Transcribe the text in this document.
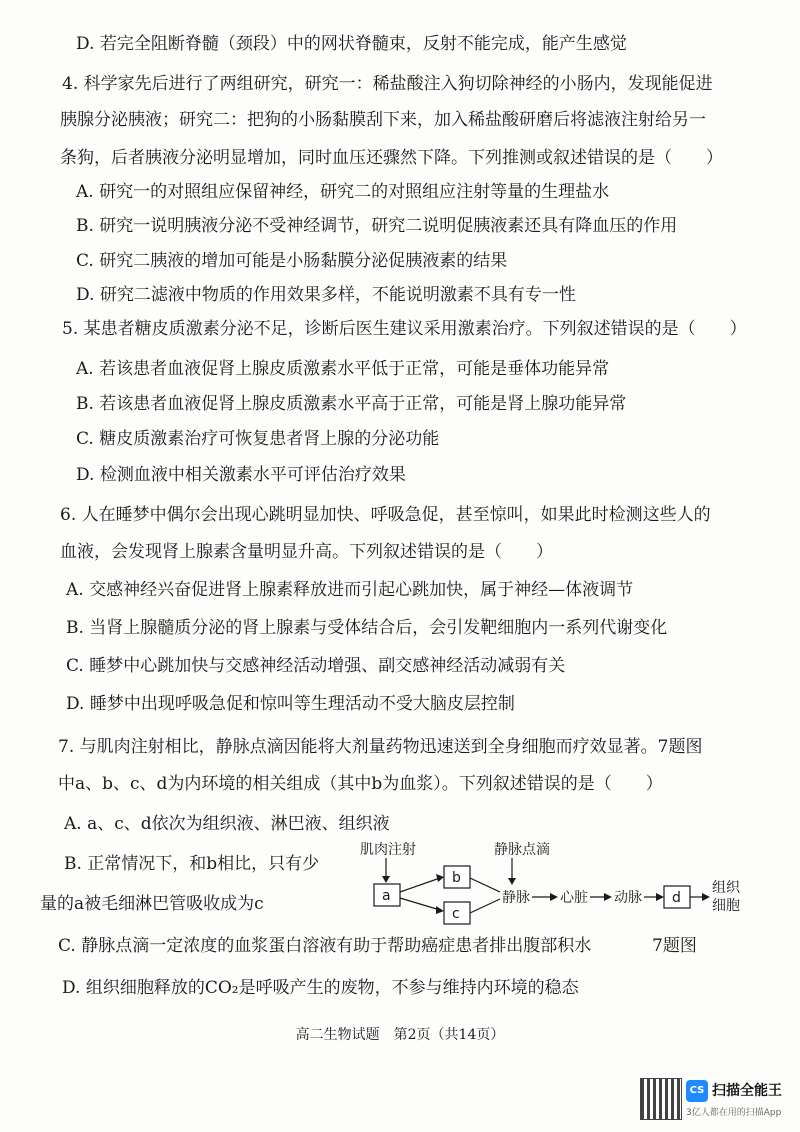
D. 若完全阻断脊髓（颈段）中的网状脊髓束，反射不能完成，能产生感觉
4. 科学家先后进行了两组研究，研究一：稀盐酸注入狗切除神经的小肠内，发现能促进
胰腺分泌胰液；研究二：把狗的小肠黏膜刮下来，加入稀盐酸研磨后将滤液注射给另一
条狗，后者胰液分泌明显增加，同时血压还骤然下降。下列推测或叙述错误的是（　　）
A. 研究一的对照组应保留神经，研究二的对照组应注射等量的生理盐水
B. 研究一说明胰液分泌不受神经调节，研究二说明促胰液素还具有降血压的作用
C. 研究二胰液的增加可能是小肠黏膜分泌促胰液素的结果
D. 研究二滤液中物质的作用效果多样，不能说明激素不具有专一性
5. 某患者糖皮质激素分泌不足，诊断后医生建议采用激素治疗。下列叙述错误的是（　　）
A. 若该患者血液促肾上腺皮质激素水平低于正常，可能是垂体功能异常
B. 若该患者血液促肾上腺皮质激素水平高于正常，可能是肾上腺功能异常
C. 糖皮质激素治疗可恢复患者肾上腺的分泌功能
D. 检测血液中相关激素水平可评估治疗效果
6. 人在睡梦中偶尔会出现心跳明显加快、呼吸急促，甚至惊叫，如果此时检测这些人的
血液，会发现肾上腺素含量明显升高。下列叙述错误的是（　　）
A. 交感神经兴奋促进肾上腺素释放进而引起心跳加快，属于神经—体液调节
B. 当肾上腺髓质分泌的肾上腺素与受体结合后，会引发靶细胞内一系列代谢变化
C. 睡梦中心跳加快与交感神经活动增强、副交感神经活动减弱有关
D. 睡梦中出现呼吸急促和惊叫等生理活动不受大脑皮层控制
7. 与肌肉注射相比，静脉点滴因能将大剂量药物迅速送到全身细胞而疗效显著。7题图
中a、b、c、d为内环境的相关组成（其中b为血浆）。下列叙述错误的是（　　）
A. a、c、d依次为组织液、淋巴液、组织液
B. 正常情况下，和b相比，只有少
量的a被毛细淋巴管吸收成为c
C. 静脉点滴一定浓度的血浆蛋白溶液有助于帮助癌症患者排出腹部积水
D. 组织细胞释放的CO₂是呼吸产生的废物，不参与维持内环境的稳态
7题图
肌肉注射	静脉点滴
a
b
c
静脉 心脏 动脉 d
组织
细胞
高二生物试题　第2页（共14页）
CS 扫描全能王
3亿人都在用的扫描App
